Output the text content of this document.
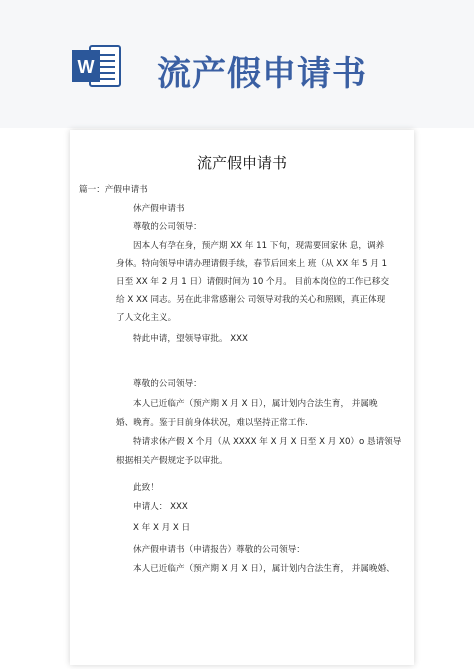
W 流产假申请书
流产假申请书
篇一：产假申请书
休产假申请书
尊敬的公司领导：
因本人有孕在身，预产期 XX 年 11 下旬，现需要回家休 息，调养
身体。特向领导申请办理请假手续，春节后回来上 班（从 XX 年 5 月 1
日至 XX 年 2 月 1 日）请假时间为 10 个月。 目前本岗位的工作已移交
给 X XX 同志。另在此非常感谢公 司领导对我的关心和照顾，真正体现
了人文化主义。
特此申请，望领导审批。 XXX
尊敬的公司领导：
本人已近临产（预产期 X 月 X 日），属计划内合法生育， 并属晚
婚、晚育。鉴于目前身体状况，难以坚持正常工作.
特请求休产假 X 个月（从 XXXX 年 X 月 X 日至 X 月 X0）o 恳请领导
根据相关产假规定予以审批。
此致！
申请人： XXX
X 年 X 月 X 日
休产假申请书（申请报告）尊敬的公司领导：
本人已近临产（预产期 X 月 X 日），属计划内合法生育， 并属晚婚、
